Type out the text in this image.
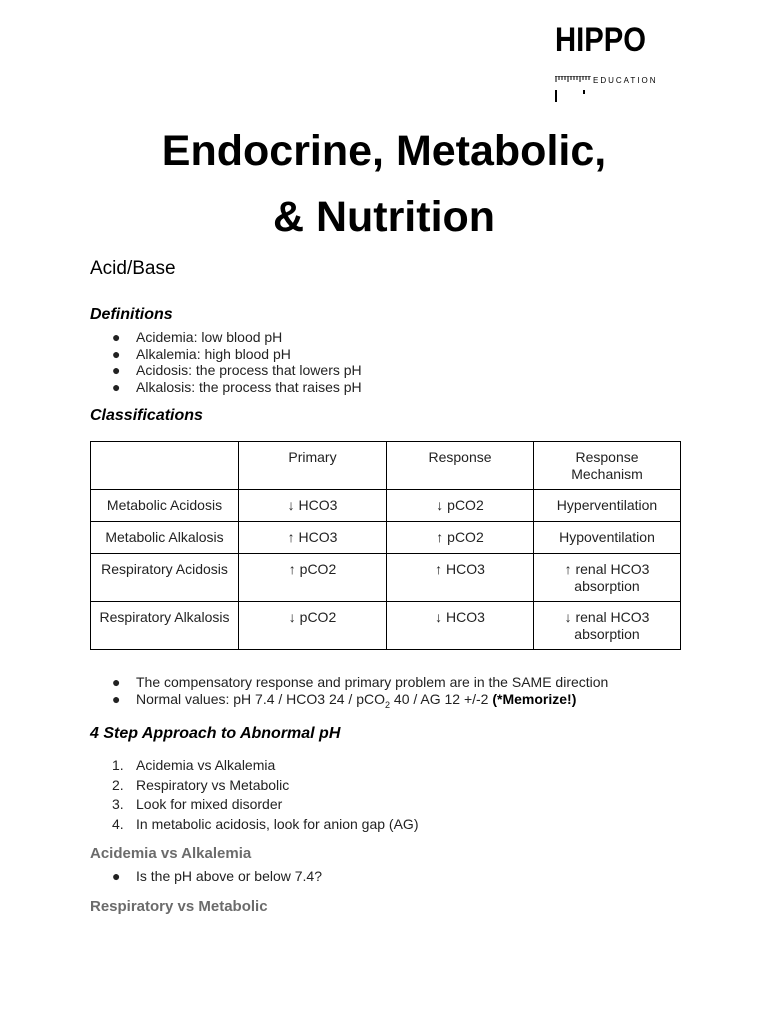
HIPPO
EDUCATION
Endocrine, Metabolic,
& Nutrition
Acid/Base
Definitions
● Acidemia: low blood pH
● Alkalemia: high blood pH
● Acidosis: the process that lowers pH
● Alkalosis: the process that raises pH
Classifications
	Primary	Response	Response Mechanism
Metabolic Acidosis	↓ HCO3	↓ pCO2	Hyperventilation
Metabolic Alkalosis	↑ HCO3	↑ pCO2	Hypoventilation
Respiratory Acidosis	↑ pCO2	↑ HCO3	↑ renal HCO3 absorption
Respiratory Alkalosis	↓ pCO2	↓ HCO3	↓ renal HCO3 absorption
● The compensatory response and primary problem are in the SAME direction
● Normal values: pH 7.4 / HCO3 24 / pCO$_2$ 40 / AG 12 +/-2 (*Memorize!)
4 Step Approach to Abnormal pH
1. Acidemia vs Alkalemia
2. Respiratory vs Metabolic
3. Look for mixed disorder
4. In metabolic acidosis, look for anion gap (AG)
Acidemia vs Alkalemia
● Is the pH above or below 7.4?
Respiratory vs Metabolic
